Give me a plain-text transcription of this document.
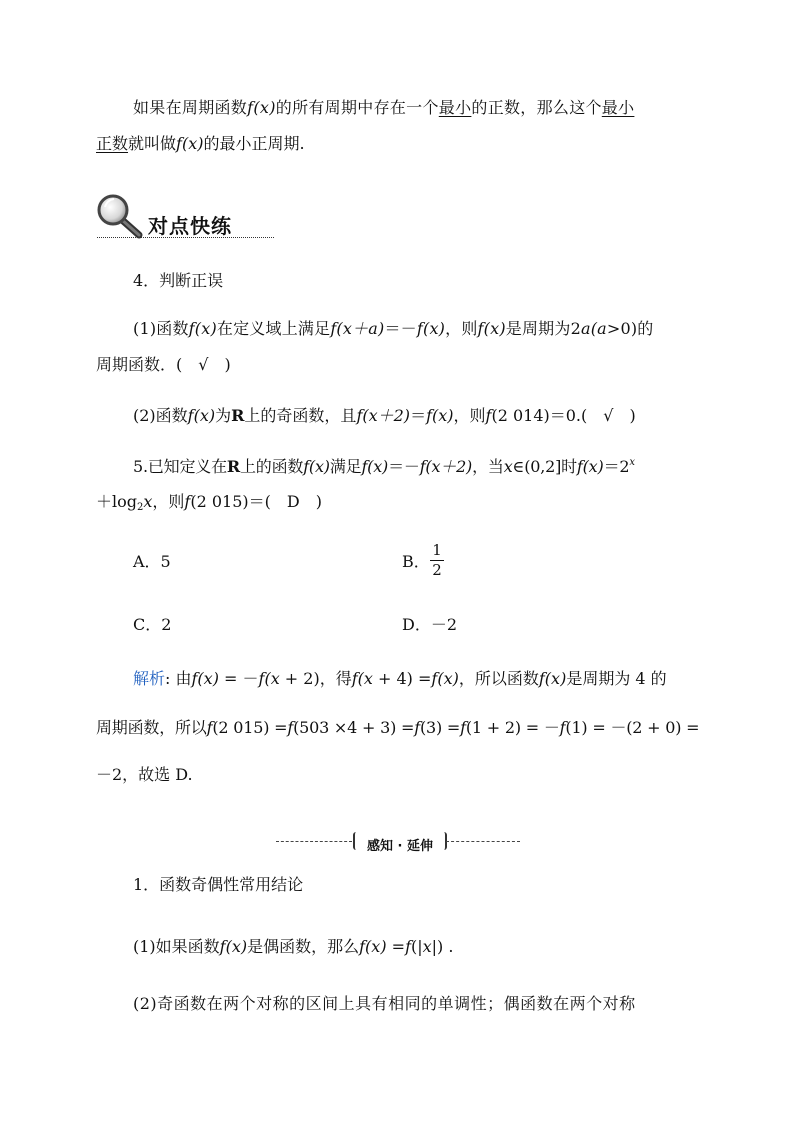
如果在周期函数f(x)的所有周期中存在一个最小的正数，那么这个最小
正数就叫做f(x)的最小正周期.
对点快练
4．判断正误
(1)函数f(x)在定义域上满足f(x＋a)＝－f(x)，则f(x)是周期为2a(a>0)的
周期函数．(　√　)
(2)函数f(x)为R上的奇函数，且f(x＋2)＝f(x)，则f(2 014)＝0.(　√　)
5.已知定义在R上的函数f(x)满足f(x)＝－f(x＋2)，当x∈(0,2]时$f(x)=2^x$
$+\log_2x$，则f(2 015)＝(　D　)
A．5	B．
1
2
C．2	D．－2
解析: 由f(x) = －f(x + 2)，得f(x + 4) =f(x)，所以函数f(x)是周期为 4 的
周期函数，所以f(2 015) =f(503 ×4 + 3) =f(3) =f(1 + 2) = －f(1) = －(2 + 0) =
－2，故选 D.
感知 · 延伸
1．函数奇偶性常用结论
(1)如果函数f(x)是偶函数，那么f(x) =f(|x|) .
(2)奇函数在两个对称的区间上具有相同的单调性；偶函数在两个对称
